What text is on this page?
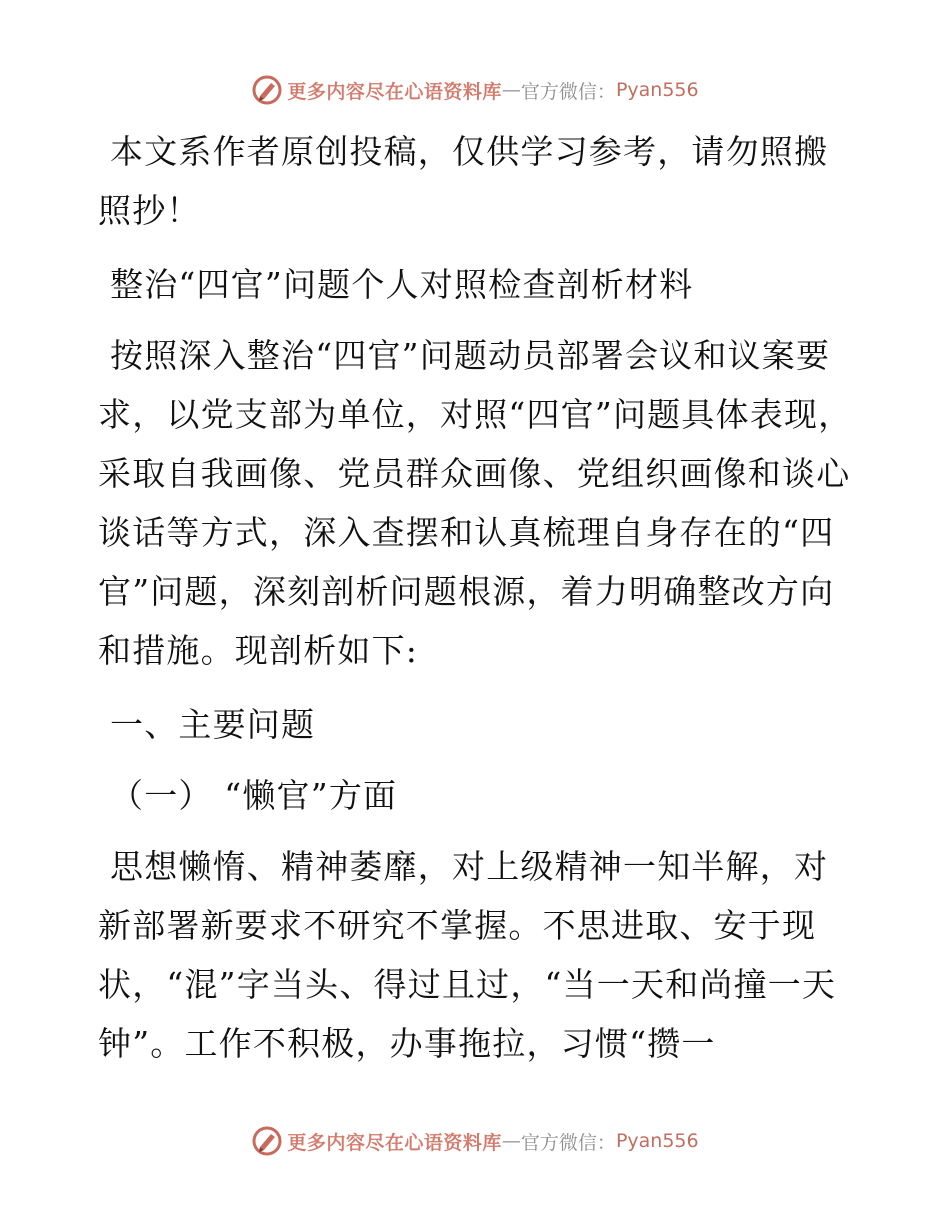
更多内容尽在心语资料库 — 官方微信： Pyan556

本文系作者原创投稿，仅供学习参考，请勿照搬照抄！

整治“四官”问题个人对照检查剖析材料

按照深入整治“四官”问题动员部署会议和议案要求，以党支部为单位，对照“四官”问题具体表现，采取自我画像、党员群众画像、党组织画像和谈心谈话等方式，深入查摆和认真梳理自身存在的“四官”问题，深刻剖析问题根源，着力明确整改方向和措施。现剖析如下:

一、主要问题

（一） “懒官”方面

思想懒惰、精神萎靡，对上级精神一知半解，对新部署新要求不研究不掌握。不思进取、安于现状，“混”字当头、得过且过，“当一天和尚撞一天钟”。工作不积极，办事拖拉，习惯“攒一

更多内容尽在心语资料库 — 官方微信： Pyan556
